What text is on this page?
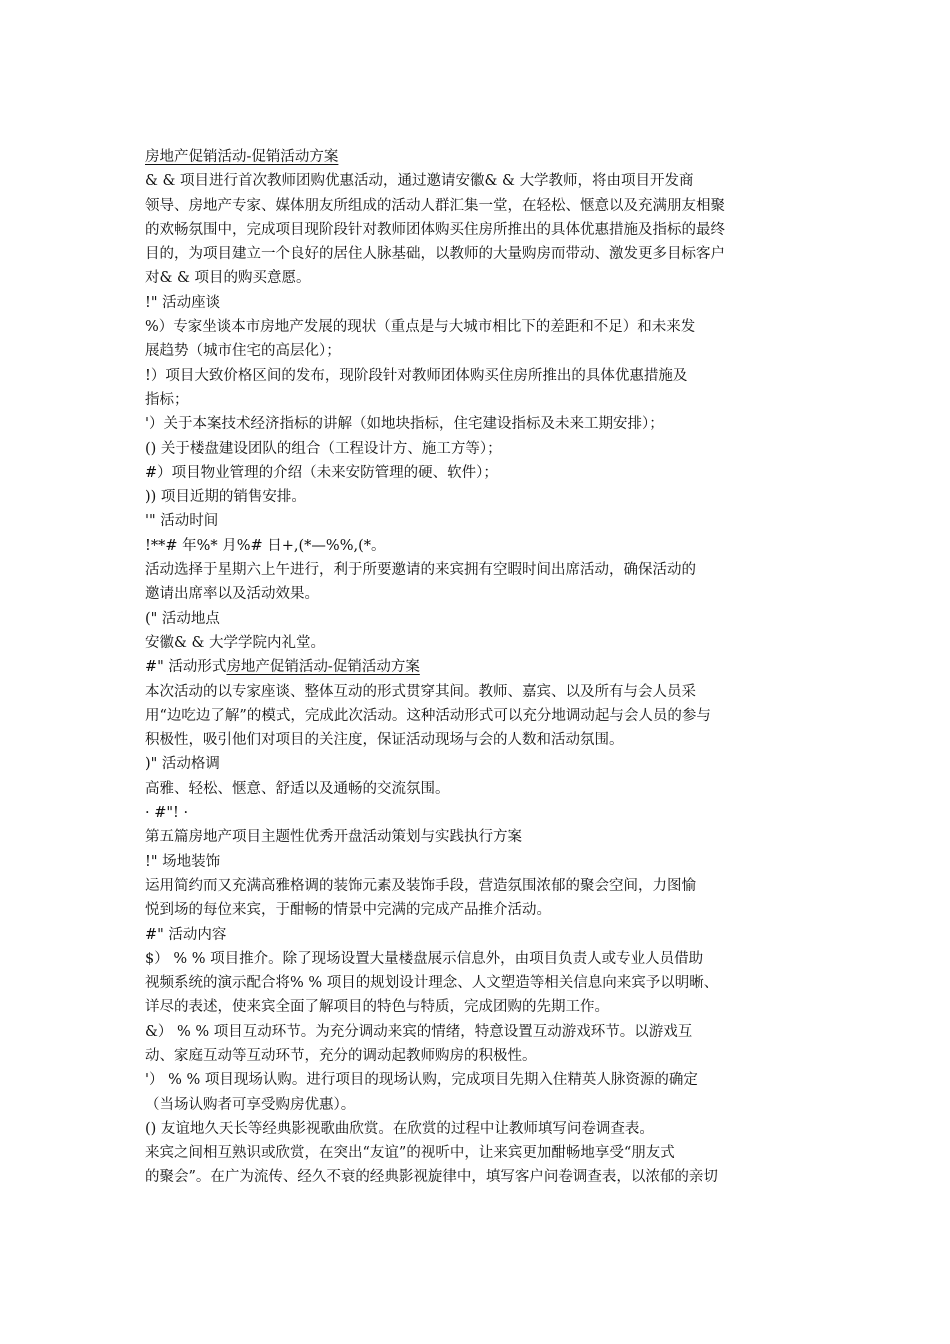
房地产促销活动-促销活动方案
& & 项目进行首次教师团购优惠活动，通过邀请安徽& & 大学教师，将由项目开发商
领导、房地产专家、媒体朋友所组成的活动人群汇集一堂，在轻松、惬意以及充满朋友相聚
的欢畅氛围中，完成项目现阶段针对教师团体购买住房所推出的具体优惠措施及指标的最终
目的，为项目建立一个良好的居住人脉基础，以教师的大量购房而带动、激发更多目标客户
对& & 项目的购买意愿。
!" 活动座谈
%）专家坐谈本市房地产发展的现状（重点是与大城市相比下的差距和不足）和未来发
展趋势（城市住宅的高层化）；
!）项目大致价格区间的发布，现阶段针对教师团体购买住房所推出的具体优惠措施及
指标；
'）关于本案技术经济指标的讲解（如地块指标，住宅建设指标及未来工期安排）；
() 关于楼盘建设团队的组合（工程设计方、施工方等）；
#）项目物业管理的介绍（未来安防管理的硬、软件）；
)) 项目近期的销售安排。
'" 活动时间
!**# 年%* 月%# 日+,(*—%%,(*。
活动选择于星期六上午进行，利于所要邀请的来宾拥有空暇时间出席活动，确保活动的
邀请出席率以及活动效果。
(" 活动地点
安徽& & 大学学院内礼堂。
#" 活动形式房地产促销活动-促销活动方案
本次活动的以专家座谈、整体互动的形式贯穿其间。教师、嘉宾、以及所有与会人员采
用“边吃边了解”的模式，完成此次活动。这种活动形式可以充分地调动起与会人员的参与
积极性，吸引他们对项目的关注度，保证活动现场与会的人数和活动氛围。
)" 活动格调
高雅、轻松、惬意、舒适以及通畅的交流氛围。
· #"! ·
第五篇房地产项目主题性优秀开盘活动策划与实践执行方案
!" 场地装饰
运用简约而又充满高雅格调的装饰元素及装饰手段，营造氛围浓郁的聚会空间，力图愉
悦到场的每位来宾，于酣畅的情景中完满的完成产品推介活动。
#" 活动内容
$） % % 项目推介。除了现场设置大量楼盘展示信息外，由项目负责人或专业人员借助
视频系统的演示配合将% % 项目的规划设计理念、人文塑造等相关信息向来宾予以明晰、
详尽的表述，使来宾全面了解项目的特色与特质，完成团购的先期工作。
&） % % 项目互动环节。为充分调动来宾的情绪，特意设置互动游戏环节。以游戏互
动、家庭互动等互动环节，充分的调动起教师购房的积极性。
'） % % 项目现场认购。进行项目的现场认购，完成项目先期入住精英人脉资源的确定
（当场认购者可享受购房优惠）。
() 友谊地久天长等经典影视歌曲欣赏。在欣赏的过程中让教师填写问卷调查表。
来宾之间相互熟识或欣赏，在突出“友谊”的视听中，让来宾更加酣畅地享受“朋友式
的聚会”。在广为流传、经久不衰的经典影视旋律中，填写客户问卷调查表，以浓郁的亲切
